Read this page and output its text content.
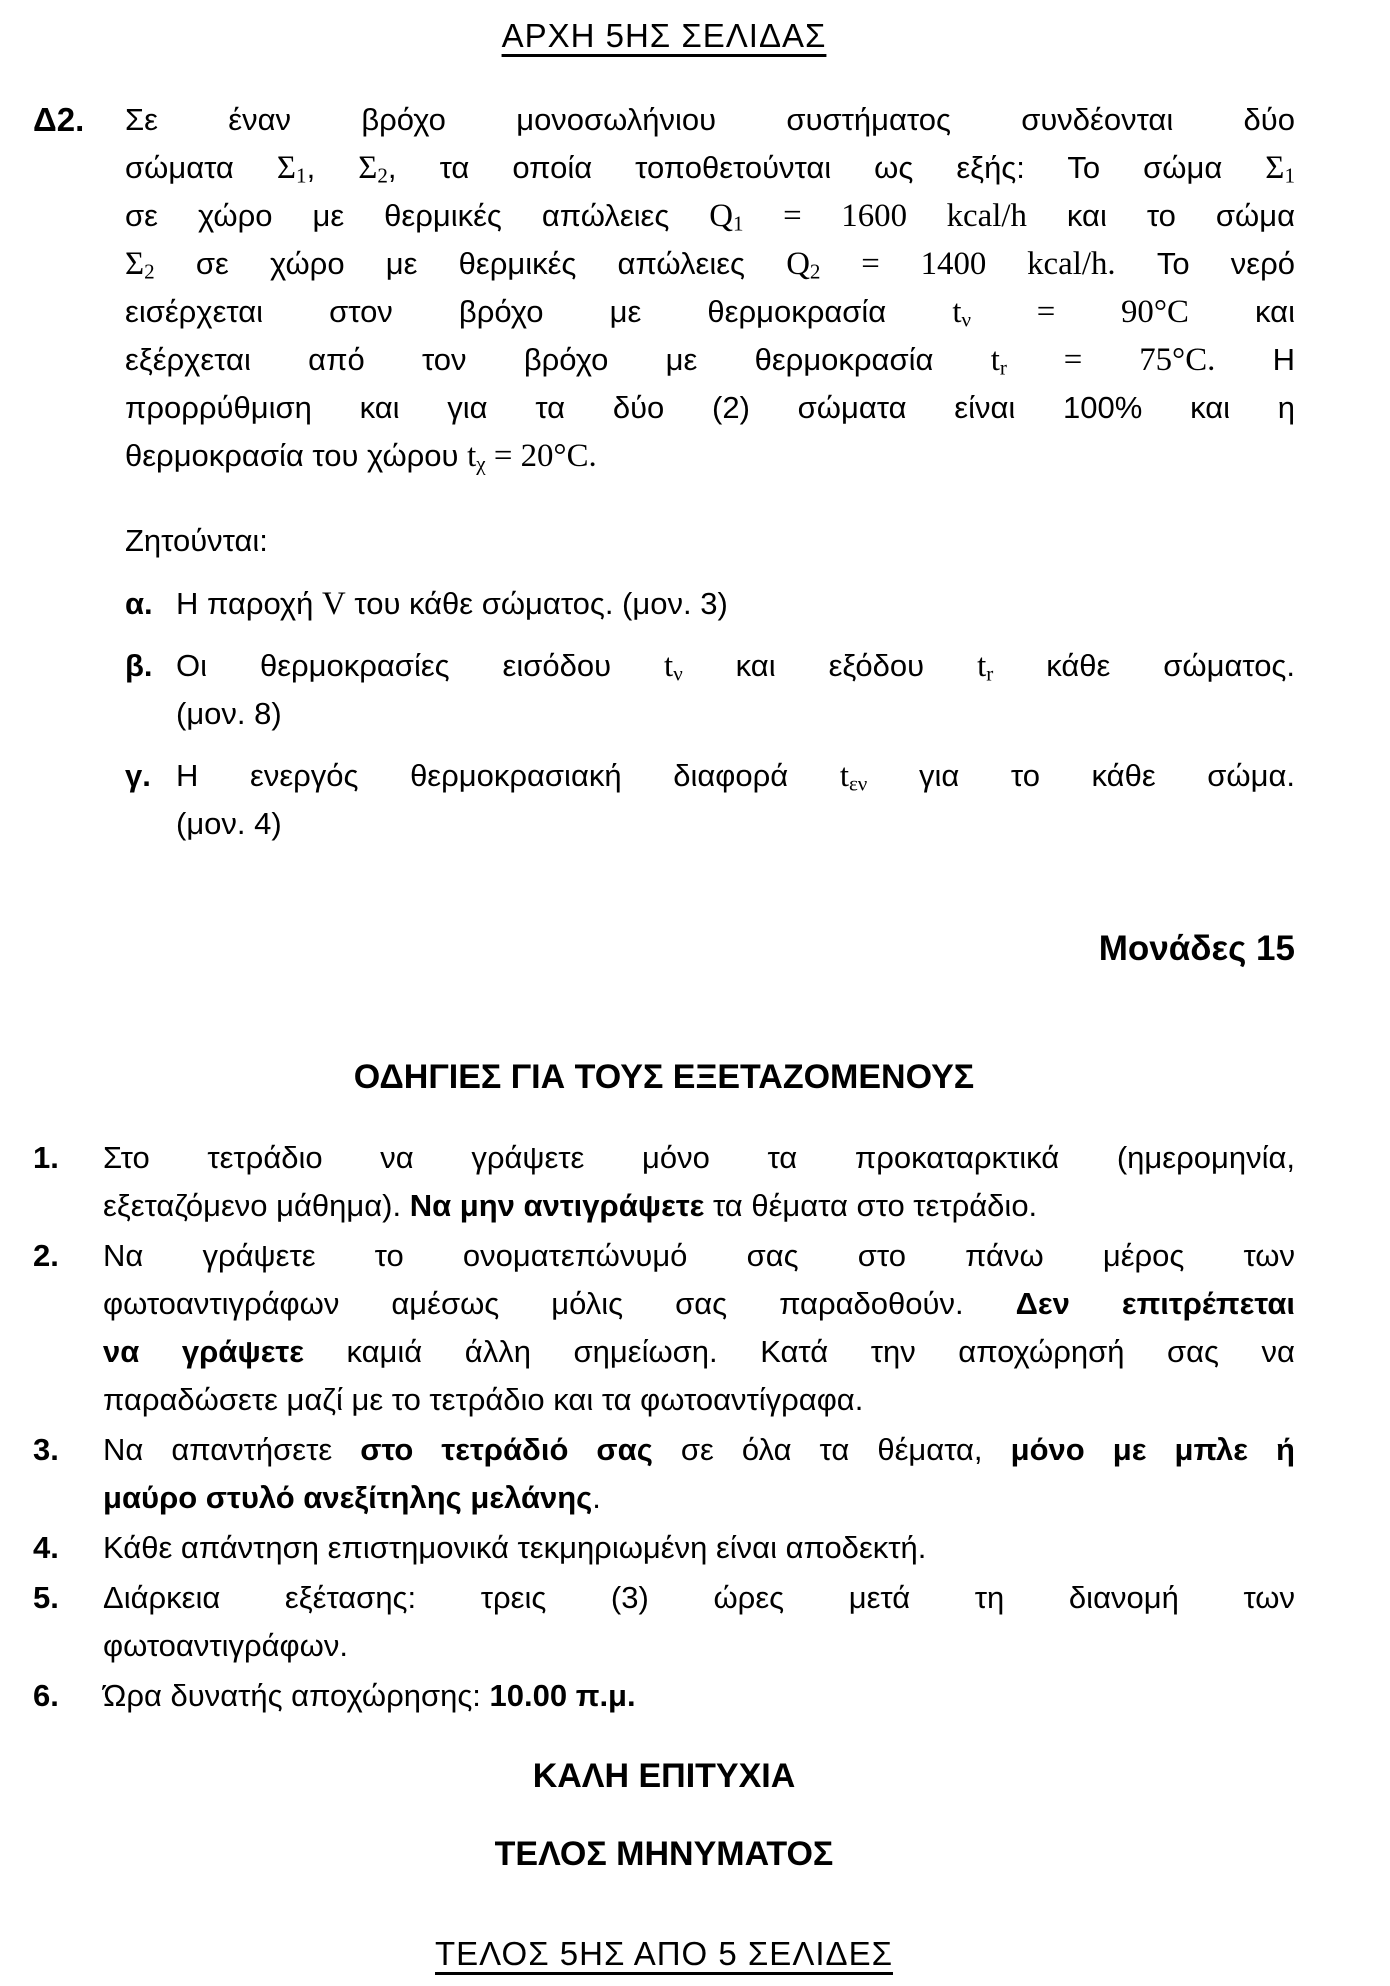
ΑΡΧΗ 5ΗΣ ΣΕΛΙΔΑΣ
Δ2.	Σε έναν βρόχο μονοσωλήνιου συστήματος συνδέονται δύο
σώματα $\Sigma_1$, $\Sigma_2$, τα οποία τοποθετούνται ως εξής: Το σώμα $\Sigma_1$
σε χώρο με θερμικές απώλειες $Q_1 = 1600$ kcal/h και το σώμα
$\Sigma_2$ σε χώρο με θερμικές απώλειες $Q_2 = 1400$ kcal/h. Το νερό
εισέρχεται στον βρόχο με θερμοκρασία $t_\nu = 90^\circ C$ και
εξέρχεται από τον βρόχο με θερμοκρασία $t_r = 75^\circ C$. Η
προρρύθμιση και για τα δύο (2) σώματα είναι 100% και η
θερμοκρασία του χώρου $t_\chi = 20^\circ C$.
Ζητούνται:
α. Η παροχή V του κάθε σώματος. (μον. 3)
β. Οι θερμοκρασίες εισόδου $t_\nu$ και εξόδου $t_r$ κάθε σώματος.
(μον. 8)
γ. Η ενεργός θερμοκρασιακή διαφορά $t_{\varepsilon\nu}$ για το κάθε σώμα.
(μον. 4)
Μονάδες 15
ΟΔΗΓΙΕΣ ΓΙΑ ΤΟΥΣ ΕΞΕΤΑΖΟΜΕΝΟΥΣ
1.	Στο τετράδιο να γράψετε μόνο τα προκαταρκτικά (ημερομηνία,
εξεταζόμενο μάθημα). Να μην αντιγράψετε τα θέματα στο τετράδιο.
2.	Να γράψετε το ονοματεπώνυμό σας στο πάνω μέρος των
φωτοαντιγράφων αμέσως μόλις σας παραδοθούν. Δεν επιτρέπεται
να γράψετε καμιά άλλη σημείωση. Κατά την αποχώρησή σας να
παραδώσετε μαζί με το τετράδιο και τα φωτοαντίγραφα.
3.	Να απαντήσετε στο τετράδιό σας σε όλα τα θέματα, μόνο με μπλε ή
μαύρο στυλό ανεξίτηλης μελάνης.
4.	Κάθε απάντηση επιστημονικά τεκμηριωμένη είναι αποδεκτή.
5.	Διάρκεια εξέτασης: τρεις (3) ώρες μετά τη διανομή των
φωτοαντιγράφων.
6.	Ώρα δυνατής αποχώρησης: 10.00 π.μ.
ΚΑΛΗ ΕΠΙΤΥΧΙΑ
ΤΕΛΟΣ ΜΗΝΥΜΑΤΟΣ
ΤΕΛΟΣ 5ΗΣ ΑΠΟ 5 ΣΕΛΙΔΕΣ
